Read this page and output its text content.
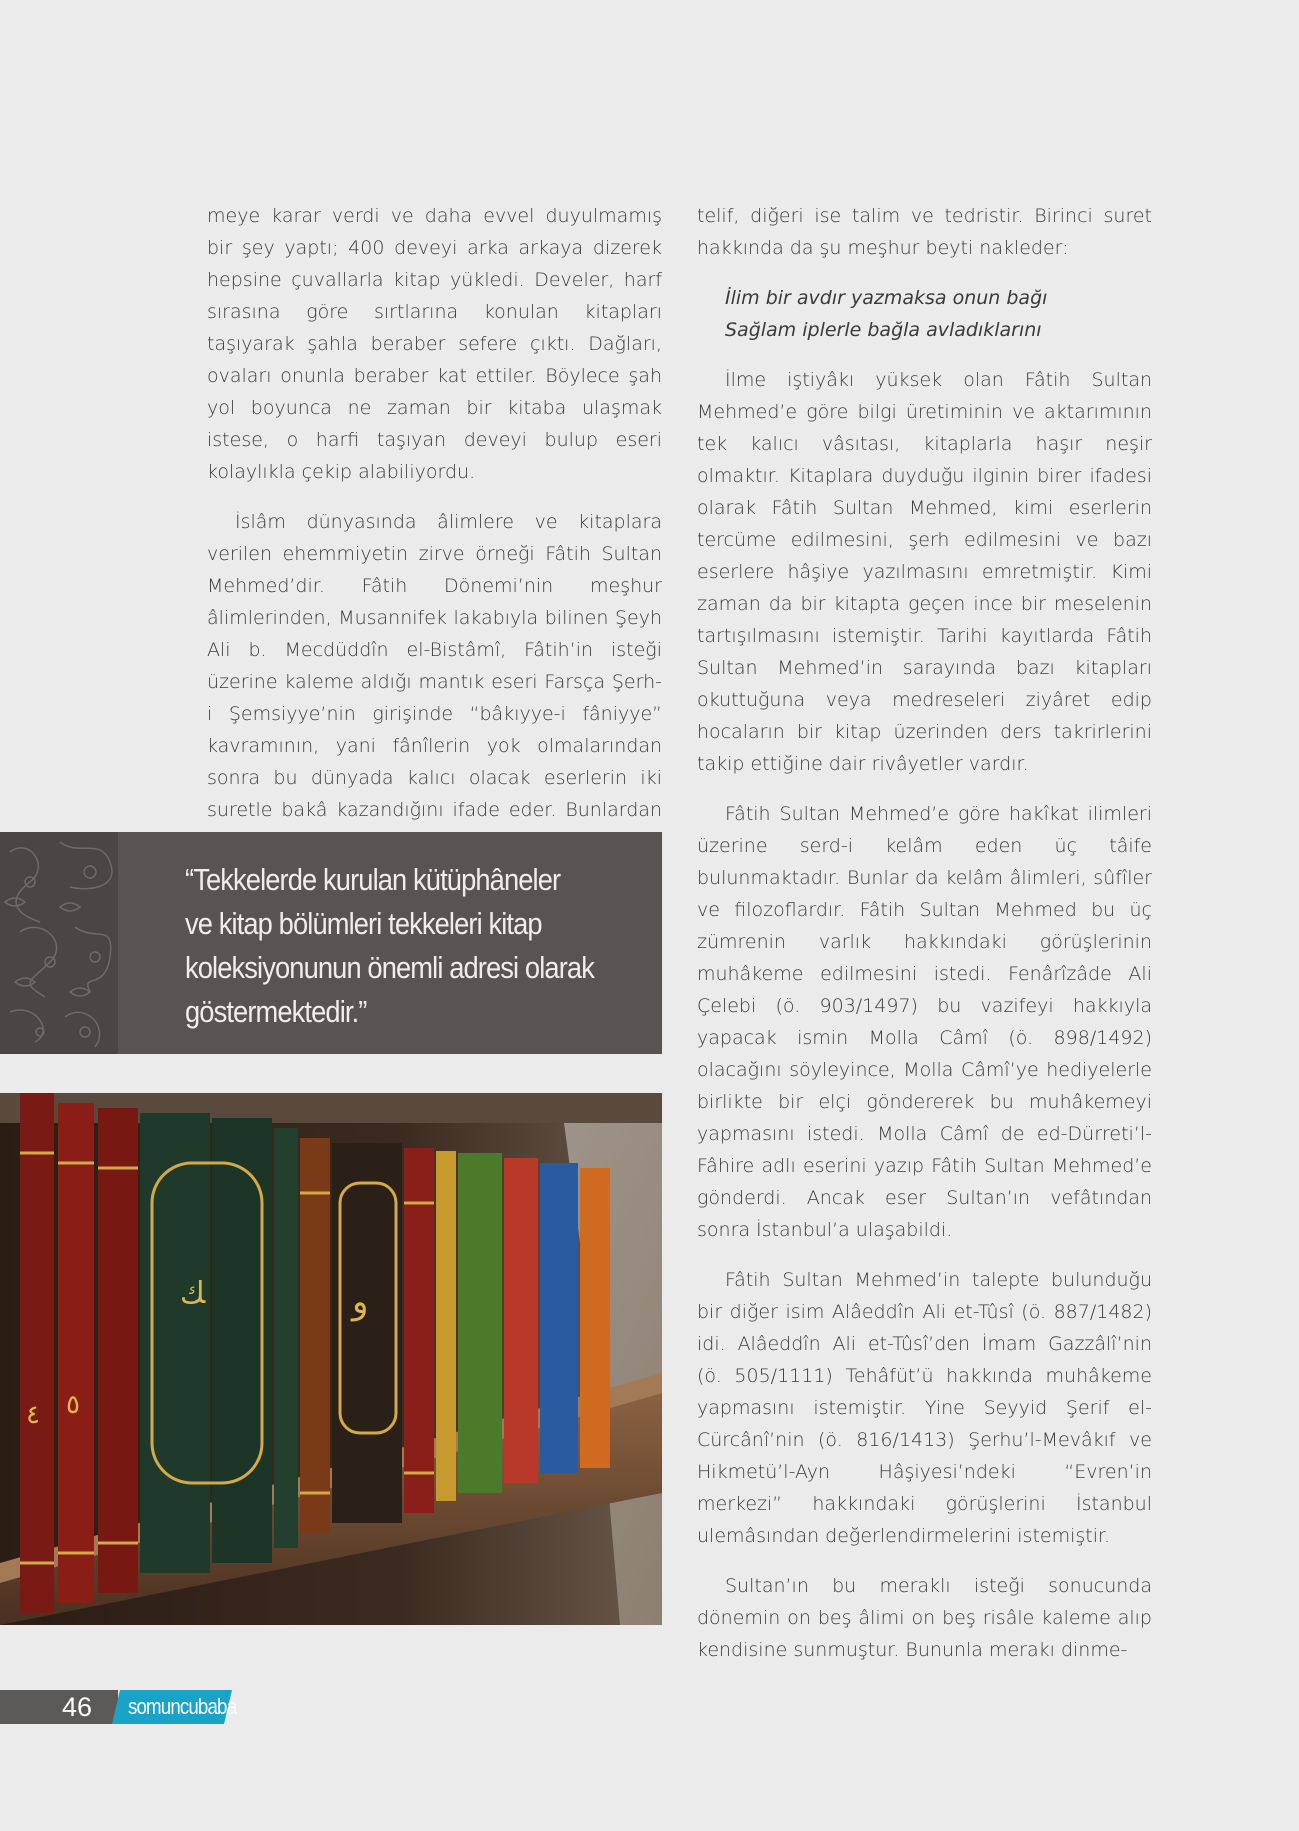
meye karar verdi ve daha evvel duyulmamış bir şey yaptı; 400 deveyi arka arkaya dizerek hepsine çuvallarla kitap yükledi. Develer, harf sırasına göre sırtlarına konulan kitapları taşıyarak şahla beraber sefere çıktı. Dağları, ovaları onunla beraber kat ettiler. Böylece şah yol boyunca ne zaman bir kitaba ulaşmak istese, o harfi taşıyan deveyi bulup eseri kolaylıkla çekip alabiliyordu.

İslâm dünyasında âlimlere ve kitaplara verilen ehemmiyetin zirve örneği Fâtih Sultan Mehmed’dir. Fâtih Dönemi’nin meşhur âlimlerinden, Musannifek lakabıyla bilinen Şeyh Ali b. Mecdüddîn el-Bistâmî, Fâtih’in isteği üzerine kaleme aldığı mantık eseri Farsça Şerh-i Şemsiyye’nin girişinde “bâkıyye-i fâniyye” kavramının, yani fânîlerin yok olmalarından sonra bu dünyada kalıcı olacak eserlerin iki suretle bakâ kazandığını ifade eder. Bunlardan

telif, diğeri ise talim ve tedristir. Birinci suret hakkında da şu meşhur beyti nakleder:

İlim bir avdır yazmaksa onun bağı
Sağlam iplerle bağla avladıklarını

İlme iştiyâkı yüksek olan Fâtih Sultan Mehmed’e göre bilgi üretiminin ve aktarımının tek kalıcı vâsıtası, kitaplarla haşır neşir olmaktır. Kitaplara duyduğu ilginin birer ifadesi olarak Fâtih Sultan Mehmed, kimi eserlerin tercüme edilmesini, şerh edilmesini ve bazı eserlere hâşiye yazılmasını emretmiştir. Kimi zaman da bir kitapta geçen ince bir meselenin tartışılmasını istemiştir. Tarihi kayıtlarda Fâtih Sultan Mehmed’in sarayında bazı kitapları okuttuğuna veya medreseleri ziyâret edip hocaların bir kitap üzerinden ders takrirlerini takip ettiğine dair rivâyetler vardır.

Fâtih Sultan Mehmed’e göre hakîkat ilimleri üzerine serd-i kelâm eden üç tâife bulunmaktadır. Bunlar da kelâm âlimleri, sûfîler ve filozoflardır. Fâtih Sultan Mehmed bu üç zümrenin varlık hakkındaki görüşlerinin muhâkeme edilmesini istedi. Fenârîzâde Ali Çelebi (ö. 903/1497) bu vazifeyi hakkıyla yapacak ismin Molla Câmî (ö. 898/1492) olacağını söyleyince, Molla Câmî’ye hediyelerle birlikte bir elçi göndererek bu muhâkemeyi yapmasını istedi. Molla Câmî de ed-Dürreti’l-Fâhire adlı eserini yazıp Fâtih Sultan Mehmed’e gönderdi. Ancak eser Sultan’ın vefâtından sonra İstanbul’a ulaşabildi.

Fâtih Sultan Mehmed’in talepte bulunduğu bir diğer isim Alâeddîn Ali et-Tûsî (ö. 887/1482) idi. Alâeddîn Ali et-Tûsî’den İmam Gazzâlî’nin (ö. 505/1111) Tehâfüt’ü hakkında muhâkeme yapmasını istemiştir. Yine Seyyid Şerif el-Cürcânî’nin (ö. 816/1413) Şerhu’l-Mevâkıf ve Hikmetü’l-Ayn Hâşiyesi’ndeki “Evren’in merkezi” hakkındaki görüşlerini İstanbul ulemâsından değerlendirmelerini istemiştir.

Sultan’ın bu meraklı isteği sonucunda dönemin on beş âlimi on beş risâle kaleme alıp kendisine sunmuştur. Bununla merakı dinme-

“Tekkelerde kurulan kütüphâneler
ve kitap bölümleri tekkeleri kitap
koleksiyonunun önemli adresi olarak
göstermektedir.”
٤ ٥
ﻚ	ﻭ
46 somuncubaba
